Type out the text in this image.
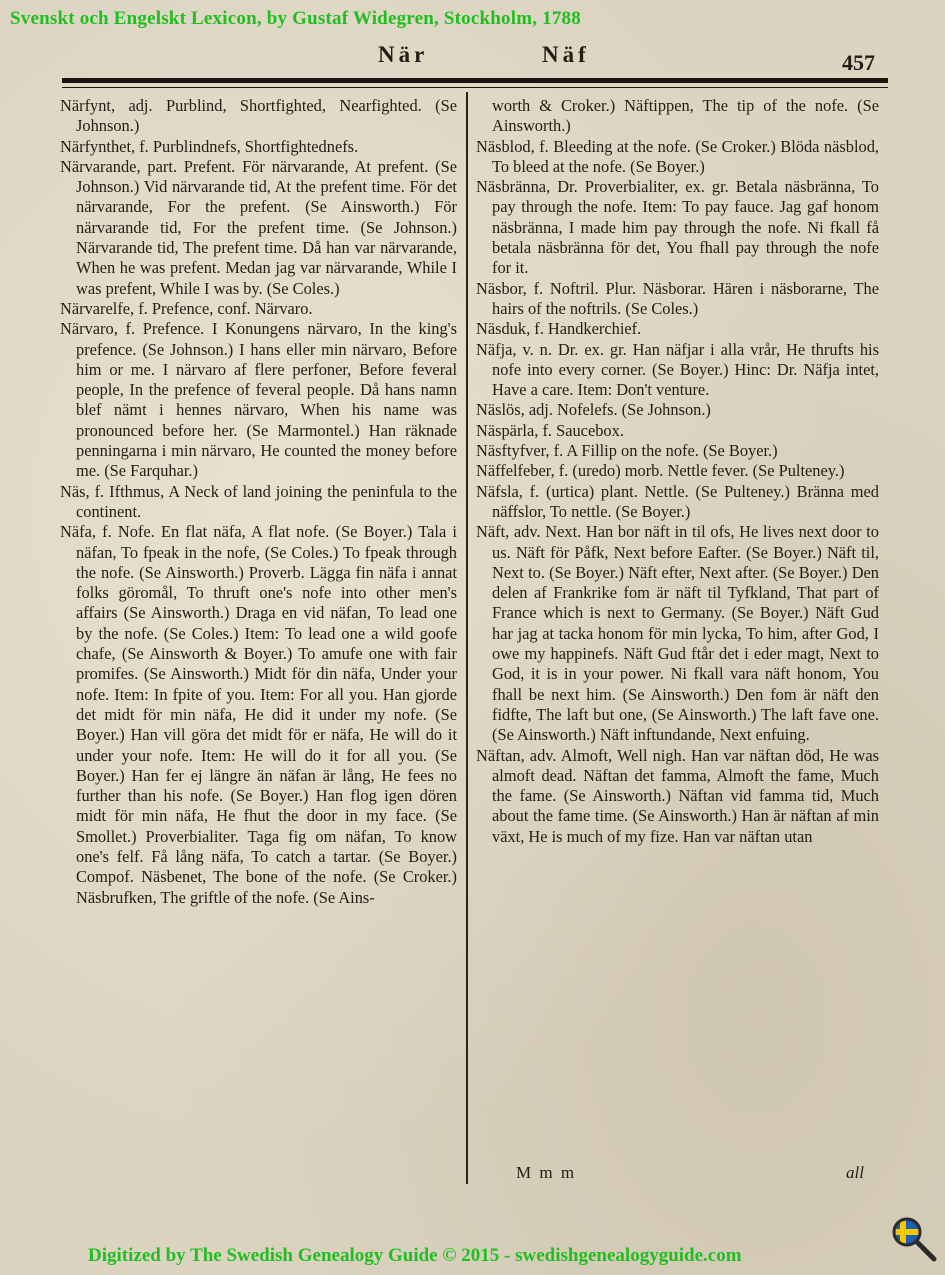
Svenskt och Engelskt Lexicon, by Gustaf Widegren, Stockholm, 1788
När	Näf	457

Närfynt, adj. Purblind, Shortfighted, Nearfighted. (Se Johnson.)

Närfynthet, f. Purblindnefs, Shortfightednefs.

Närvarande, part. Prefent. För närvarande, At prefent. (Se Johnson.) Vid närvarande tid, At the prefent time. För det närvarande, For the prefent. (Se Ainsworth.) För närvarande tid, For the prefent time. (Se Johnson.) Närvarande tid, The prefent time. Då han var närvarande, When he was prefent. Medan jag var närvarande, While I was prefent, While I was by. (Se Coles.)

Närvarelfe, f. Prefence, conf. Närvaro.

Närvaro, f. Prefence. I Konungens närvaro, In the king's prefence. (Se Johnson.) I hans eller min närvaro, Before him or me. I närvaro af flere perfoner, Before feveral people, In the prefence of feveral people. Då hans namn blef nämt i hennes närvaro, When his name was pronounced before her. (Se Marmontel.) Han räknade penningarna i min närvaro, He counted the money before me. (Se Farquhar.)

Näs, f. Ifthmus, A Neck of land joining the peninfula to the continent.

Näfa, f. Nofe. En flat näfa, A flat nofe. (Se Boyer.) Tala i näfan, To fpeak in the nofe, (Se Coles.) To fpeak through the nofe. (Se Ainsworth.) Proverb. Lägga fin näfa i annat folks göromål, To thruft one's nofe into other men's affairs (Se Ainsworth.) Draga en vid näfan, To lead one by the nofe. (Se Coles.) Item: To lead one a wild goofe chafe, (Se Ainsworth & Boyer.) To amufe one with fair promifes. (Se Ainsworth.) Midt för din näfa, Under your nofe. Item: In fpite of you. Item: For all you. Han gjorde det midt för min näfa, He did it under my nofe. (Se Boyer.) Han vill göra det midt för er näfa, He will do it under your nofe. Item: He will do it for all you. (Se Boyer.) Han fer ej längre än näfan är lång, He fees no further than his nofe. (Se Boyer.) Han flog igen dören midt för min näfa, He fhut the door in my face. (Se Smollet.) Proverbialiter. Taga fig om näfan, To know one's felf. Få lång näfa, To catch a tartar. (Se Boyer.) Compof. Näsbenet, The bone of the nofe. (Se Croker.) Näsbrufken, The griftle of the nofe. (Se Ains-

worth & Croker.) Näftippen, The tip of the nofe. (Se Ainsworth.)

Näsblod, f. Bleeding at the nofe. (Se Croker.) Blöda näsblod, To bleed at the nofe. (Se Boyer.)

Näsbränna, Dr. Proverbialiter, ex. gr. Betala näsbränna, To pay through the nofe. Item: To pay fauce. Jag gaf honom näsbränna, I made him pay through the nofe. Ni fkall få betala näsbränna för det, You fhall pay through the nofe for it.

Näsbor, f. Noftril. Plur. Näsborar. Hären i näsborarne, The hairs of the noftrils. (Se Coles.)

Näsduk, f. Handkerchief.

Näfja, v. n. Dr. ex. gr. Han näfjar i alla vrår, He thrufts his nofe into every corner. (Se Boyer.) Hinc: Dr. Näfja intet, Have a care. Item: Don't venture.

Näslös, adj. Nofelefs. (Se Johnson.)

Näspärla, f. Saucebox.

Näsftyfver, f. A Fillip on the nofe. (Se Boyer.)

Näffelfeber, f. (uredo) morb. Nettle fever. (Se Pulteney.)

Näfsla, f. (urtica) plant. Nettle. (Se Pulteney.) Bränna med näffslor, To nettle. (Se Boyer.)

Näft, adv. Next. Han bor näft in til ofs, He lives next door to us. Näft för Påfk, Next before Eafter. (Se Boyer.) Näft til, Next to. (Se Boyer.) Näft efter, Next after. (Se Boyer.) Den delen af Frankrike fom är näft til Tyfkland, That part of France which is next to Germany. (Se Boyer.) Näft Gud har jag at tacka honom för min lycka, To him, after God, I owe my happinefs. Näft Gud ftår det i eder magt, Next to God, it is in your power. Ni fkall vara näft honom, You fhall be next him. (Se Ainsworth.) Den fom är näft den fidfte, The laft but one, (Se Ainsworth.) The laft fave one. (Se Ainsworth.) Näft inftundande, Next enfuing.

Näftan, adv. Almoft, Well nigh. Han var näftan död, He was almoft dead. Näftan det famma, Almoft the fame, Much the fame. (Se Ainsworth.) Näftan vid famma tid, Much about the fame time. (Se Ainsworth.) Han är näftan af min växt, He is much of my fize. Han var näftan utan

M m m	all
Digitized by The Swedish Genealogy Guide © 2015 - swedishgenealogyguide.com
